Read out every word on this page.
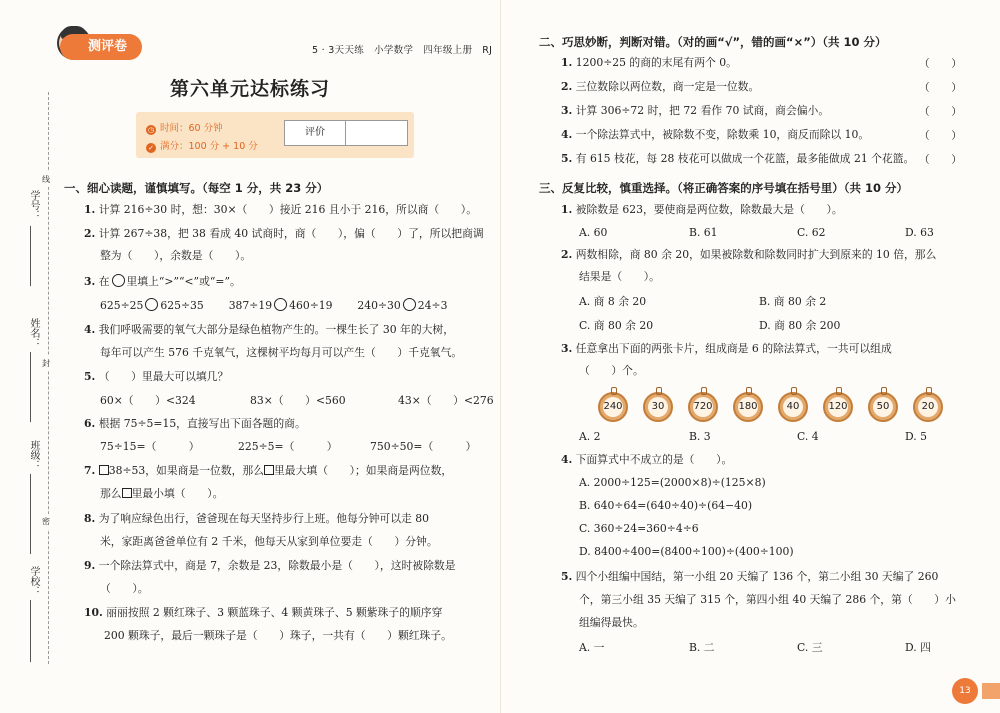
测评卷	5 · 3天天练 小学数学 四年级上册 RJ
第六单元达标练习
◷ 时间：60 分钟
✓ 满分：100 分 + 10 分
评价
学号：
姓名：
班级：
学校：
线
封
密
一、细心读题，谨慎填写。（每空 1 分，共 23 分）
1. 计算 216÷30 时，想：30×（　　）接近 216 且小于 216，所以商（　　）。
2. 计算 267÷38，把 38 看成 40 试商时，商（　　），偏（　　）了，所以把商调
整为（　　），余数是（　　）。
3. 在 里填上“>”“<”或“=”。
625÷25 625÷35 387÷19 460÷19 240÷30 24÷3
4. 我们呼吸需要的氧气大部分是绿色植物产生的。一棵生长了 30 年的大树，
每年可以产生 576 千克氧气，这棵树平均每月可以产生（　　）千克氧气。
5. （　　）里最大可以填几？
60×（　　）<324	83×（　　）<560	43×（　　）<276
6. 根据 75÷5=15，直接写出下面各题的商。
75÷15=（　　　）	225÷5=（　　　）	750÷50=（　　　）
7. 38÷53，如果商是一位数，那么 里最大填（　　）；如果商是两位数，
那么 里最小填（　　）。
8. 为了响应绿色出行，爸爸现在每天坚持步行上班。他每分钟可以走 80
米，家距离爸爸单位有 2 千米，他每天从家到单位要走（　　）分钟。
9. 一个除法算式中，商是 7，余数是 23，除数最小是（　　），这时被除数是
（　　）。
10. 丽丽按照 2 颗红珠子、3 颗蓝珠子、4 颗黄珠子、5 颗紫珠子的顺序穿
200 颗珠子，最后一颗珠子是（　　）珠子，一共有（　　）颗红珠子。
二、巧思妙断，判断对错。（对的画“√”，错的画“×”）（共 10 分）
1. 1200÷25 的商的末尾有两个 0。	（　　）
2. 三位数除以两位数，商一定是一位数。	（　　）
3. 计算 306÷72 时，把 72 看作 70 试商，商会偏小。	（　　）
4. 一个除法算式中，被除数不变，除数乘 10，商反而除以 10。	（　　）
5. 有 615 枝花，每 28 枝花可以做成一个花篮，最多能做成 21 个花篮。 （　　）
三、反复比较，慎重选择。（将正确答案的序号填在括号里）（共 10 分）
1. 被除数是 623，要使商是两位数，除数最大是（　　）。
A. 60	B. 61	C. 62	D. 63
2. 两数相除，商 80 余 20，如果被除数和除数同时扩大到原来的 10 倍，那么
结果是（　　）。
A. 商 8 余 20	B. 商 80 余 2
C. 商 80 余 20	D. 商 80 余 200
3. 任意拿出下面的两张卡片，组成商是 6 的除法算式，一共可以组成
（　　）个。
240	30	720	180	40	120	50	20
A. 2	B. 3	C. 4	D. 5
4. 下面算式中不成立的是（　　）。
A. 2000÷125=(2000×8)÷(125×8)
B. 640÷64=(640÷40)÷(64−40)
C. 360÷24=360÷4÷6
D. 8400÷400=(8400÷100)÷(400÷100)
5. 四个小组编中国结，第一小组 20 天编了 136 个，第二小组 30 天编了 260
个，第三小组 35 天编了 315 个，第四小组 40 天编了 286 个，第（　　）小
组编得最快。
A. 一	B. 二	C. 三	D. 四
13
